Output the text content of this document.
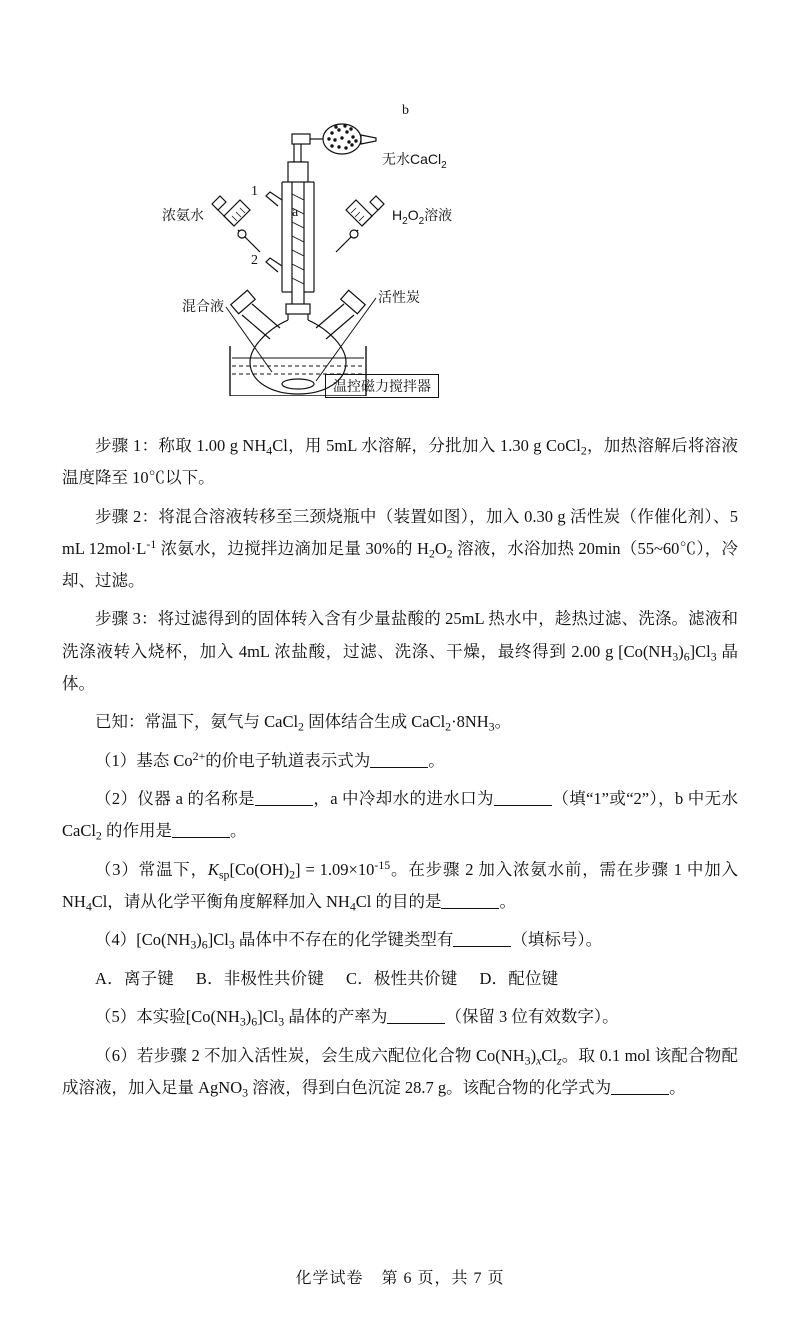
b
a
1
2
无水CaCl$_2$
浓氨水	$H_2O_2$溶液
混合液
活性炭
温控磁力搅拌器

步骤 1：称取 1.00 g $NH_4Cl$，用 5mL 水溶解，分批加入 1.30 g CoCl$_2$，加热溶解后将溶液温度降至 10℃以下。

步骤 2：将混合溶液转移至三颈烧瓶中（装置如图），加入 0.30 g 活性炭（作催化剂）、5 mL $12mol\cdot L^{-1}$ 浓氨水，边搅拌边滴加足量 30%的 $H_2O_2$ 溶液，水浴加热 20min（55~60℃），冷却、过滤。

步骤 3：将过滤得到的固体转入含有少量盐酸的 25mL 热水中，趁热过滤、洗涤。滤液和洗涤液转入烧杯，加入 4mL 浓盐酸，过滤、洗涤、干燥，最终得到 2.00 g $[Co(NH_3)_6]Cl_3$ 晶体。

已知：常温下，氨气与 CaCl$_2$ 固体结合生成 $CaCl_2\cdot 8NH_3$。

（1）基态 $Co^{2+}$的价电子轨道表示式为	。

（2）仪器 a 的名称是	，a 中冷却水的进水口为	（填“1”或“2”），b 中无水 CaCl$_2$ 的作用是	。

（3）常温下，$K_{sp}[Co(OH)_2] = 1.09\times 10^{-15}$。在步骤 2 加入浓氨水前，需在步骤 1 中加入 $NH_4Cl$，请从化学平衡角度解释加入 $NH_4Cl$ 的目的是	。

$(4)[Co(NH_3)_6]Cl_3$ 晶体中不存在的化学键类型有	（填标号）。

A．离子键 B．非极性共价键 C．极性共价键 D．配位键

（5）本实验$[Co(NH_3)_6]Cl_3$ 晶体的产率为	（保留 3 位有效数字）。

（6）若步骤 2 不加入活性炭，会生成六配位化合物 $Co(NH_3)_xCl_z$。取 0.1 mol 该配合物配成溶液，加入足量 AgNO$_3$ 溶液，得到白色沉淀 28.7 g。该配合物的化学式为	。

化学试卷 第 6 页，共 7 页
